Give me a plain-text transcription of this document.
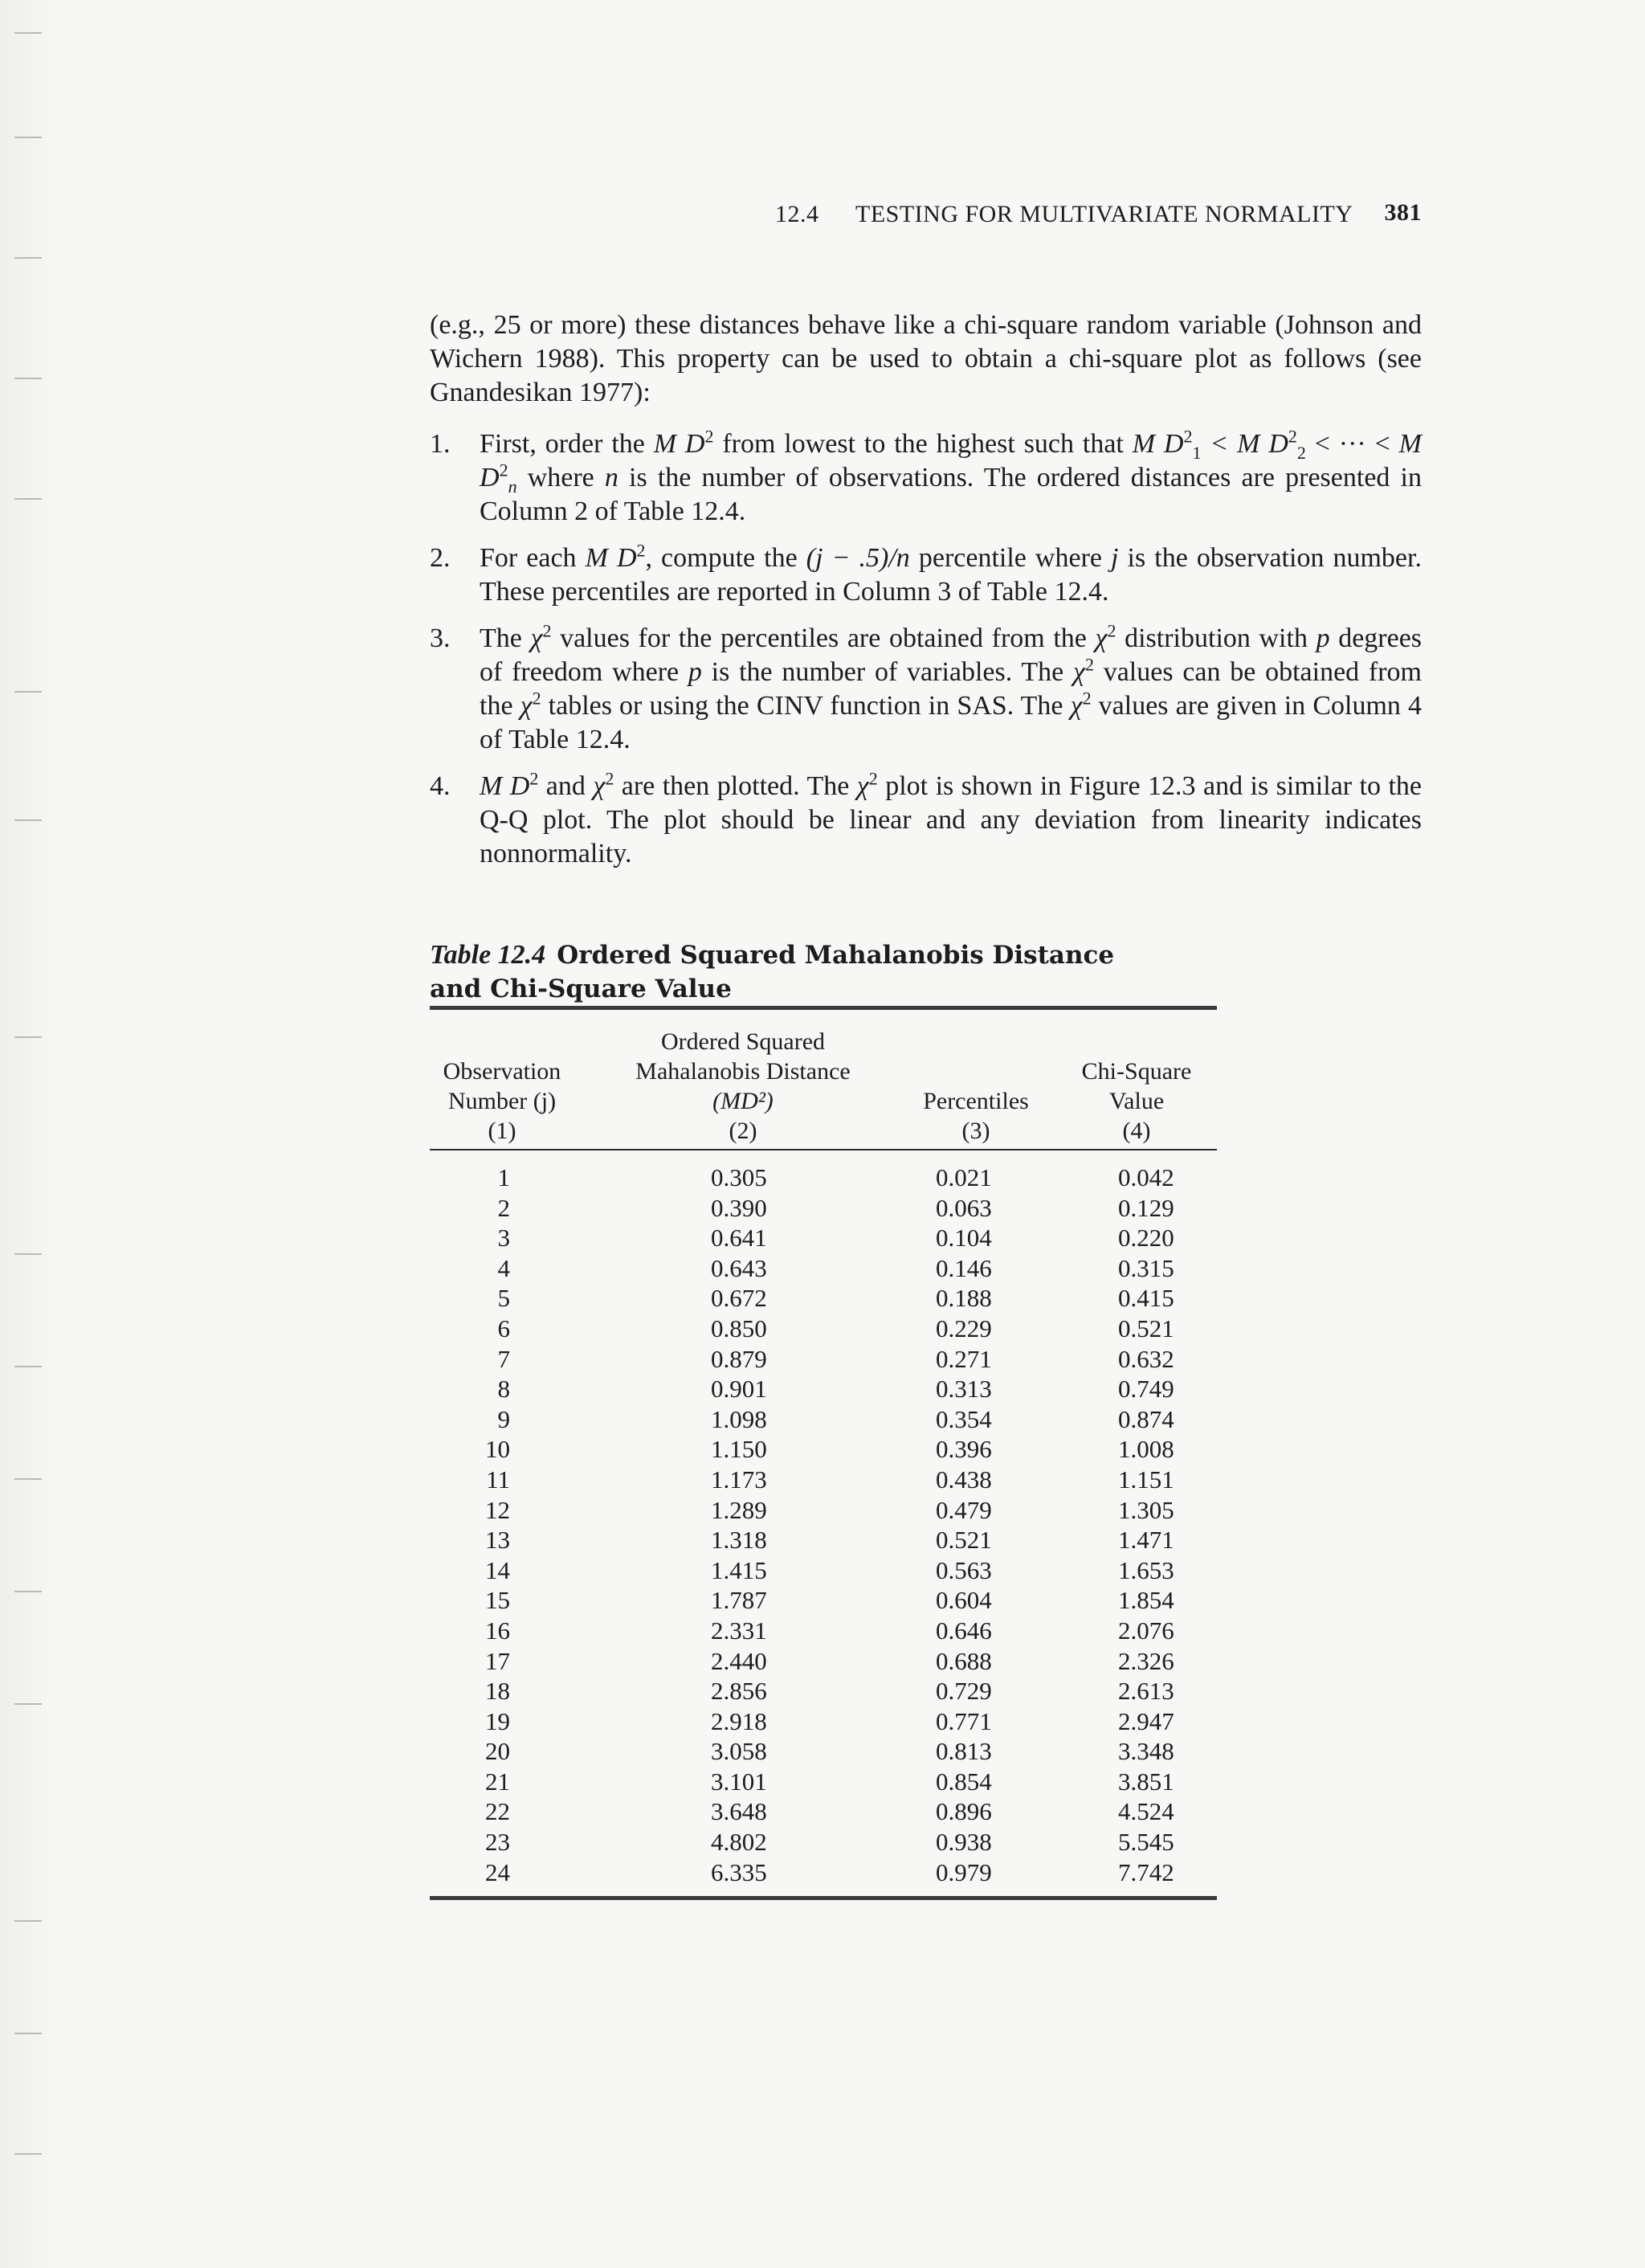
12.4 TESTING FOR MULTIVARIATE NORMALITY 381

(e.g., 25 or more) these distances behave like a chi-square random variable (Johnson and Wichern 1988). This property can be used to obtain a chi-square plot as follows (see Gnandesikan 1977):

1. First, order the M $D^2$ from lowest to the highest such that M $D^2_1 < M$ $D^2_2$ < ··· < M $D^2_n$ where n is the number of observations. The ordered distances are presented in Column 2 of Table 12.4.
2. For each M $D^2$, compute the (j − .5)/n percentile where j is the observation number. These percentiles are reported in Column 3 of Table 12.4.
3. The $\chi^2$ values for the percentiles are obtained from the $\chi^2$ distribution with p degrees of freedom where p is the number of variables. The $\chi^2$ values can be obtained from the $\chi^2$ tables or using the CINV function in SAS. The $\chi^2$ values are given in Column 4 of Table 12.4.
4. M $D^2$ and $\chi^2$ are then plotted. The $\chi^2$ plot is shown in Figure 12.3 and is similar to the Q-Q plot. The plot should be linear and any deviation from linearity indicates nonnormality.
Table 12.4 Ordered Squared Mahalanobis Distance and Chi-Square Value
Observation
Number (j)
(1)
Ordered Squared
Mahalanobis Distance
(MD²)
(2)
Percentiles
(3)
Chi-Square
Value
(4)
1	0.305	0.021	0.042
2	0.390	0.063	0.129
3	0.641	0.104	0.220
4	0.643	0.146	0.315
5	0.672	0.188	0.415
6	0.850	0.229	0.521
7	0.879	0.271	0.632
8	0.901	0.313	0.749
9	1.098	0.354	0.874
10	1.150	0.396	1.008
11	1.173	0.438	1.151
12	1.289	0.479	1.305
13	1.318	0.521	1.471
14	1.415	0.563	1.653
15	1.787	0.604	1.854
16	2.331	0.646	2.076
17	2.440	0.688	2.326
18	2.856	0.729	2.613
19	2.918	0.771	2.947
20	3.058	0.813	3.348
21	3.101	0.854	3.851
22	3.648	0.896	4.524
23	4.802	0.938	5.545
24	6.335	0.979	7.742
